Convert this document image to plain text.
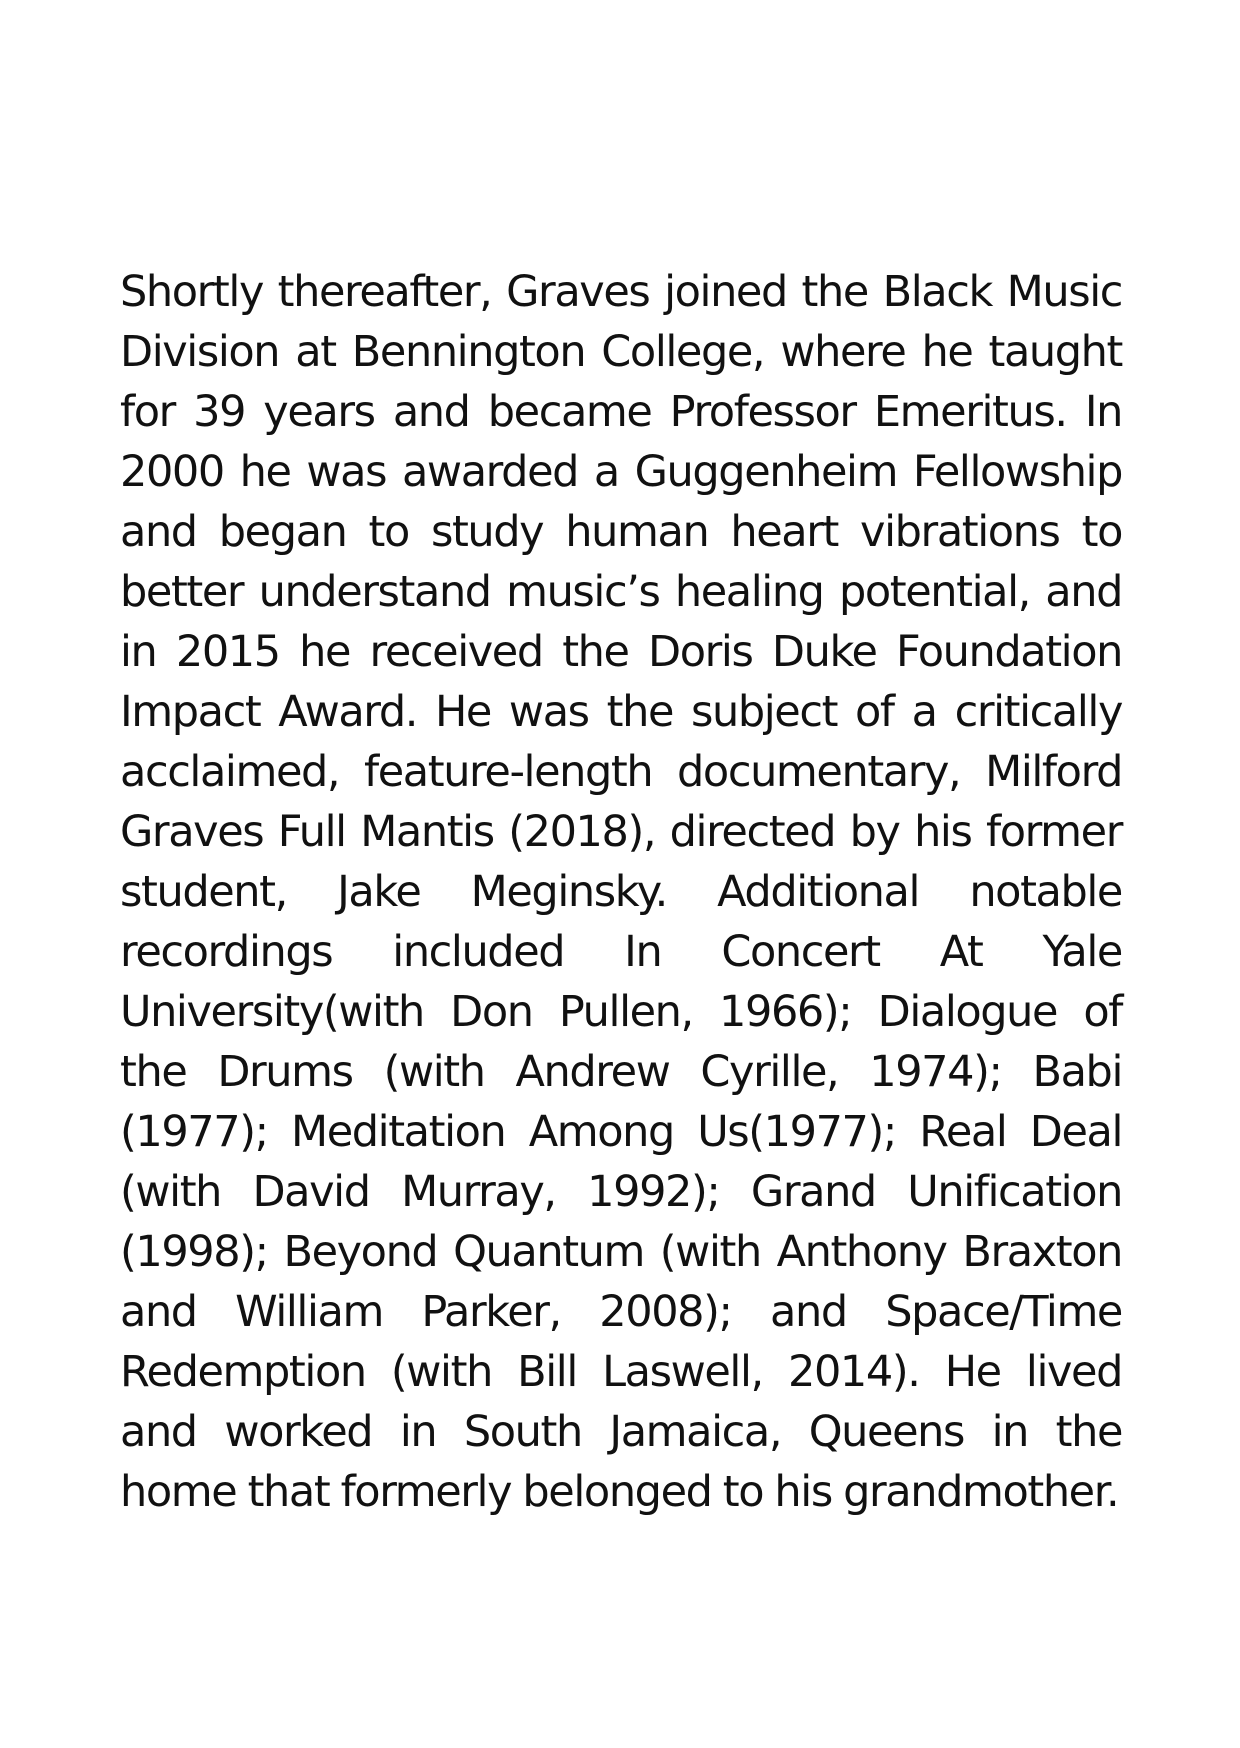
Shortly thereafter, Graves joined the Black Music Division at Bennington College, where he taught for 39 years and became Professor Emeritus. In 2000 he was awarded a Guggenheim Fellowship and began to study human heart vibrations to better understand music’s healing potential, and in 2015 he received the Doris Duke Foundation Impact Award. He was the subject of a critically acclaimed, feature-length documentary, Milford Graves Full Mantis (2018), directed by his former student, Jake Meginsky. Additional notable recordings included In Concert At Yale University(with Don Pullen, 1966); Dialogue of the Drums (with Andrew Cyrille, 1974); Babi (1977); Meditation Among Us(1977); Real Deal (with David Murray, 1992); Grand Unification (1998); Beyond Quantum (with Anthony Braxton and William Parker, 2008); and Space/Time Redemption (with Bill Laswell, 2014). He lived and worked in South Jamaica, Queens in the home that formerly belonged to his grandmother.
